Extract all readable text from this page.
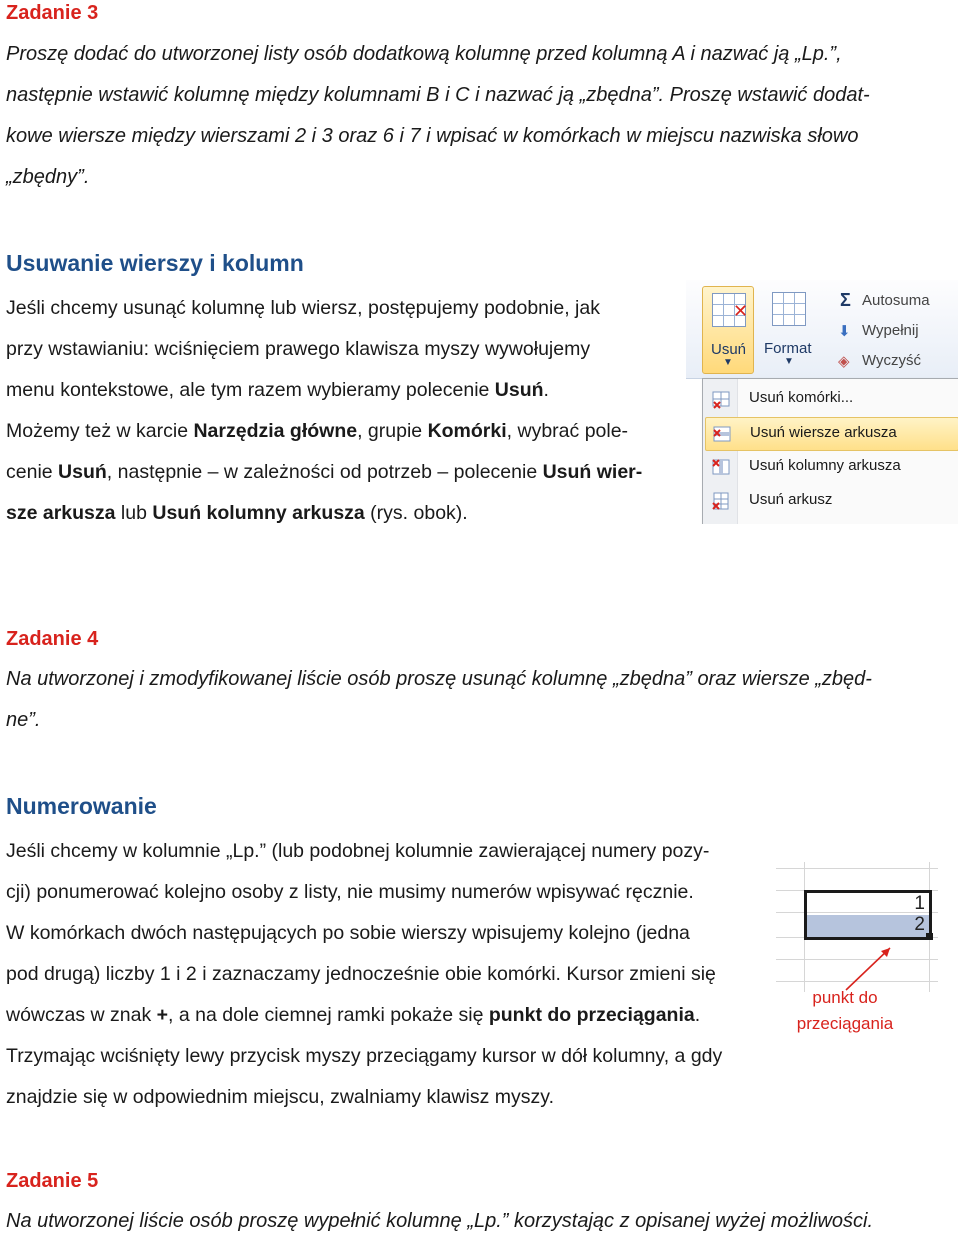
Zadanie 3
Proszę dodać do utworzonej listy osób dodatkową kolumnę przed kolumną A i nazwać ją „Lp.”,
następnie wstawić kolumnę między kolumnami B i C i nazwać ją „zbędna”. Proszę wstawić dodat-
kowe wiersze między wierszami 2 i 3 oraz 6 i 7 i wpisać w komórkach w miejscu nazwiska słowo
„zbędny”.
Usuwanie wierszy i kolumn
Jeśli chcemy usunąć kolumnę lub wiersz, postępujemy podobnie, jak
przy wstawianiu: wciśnięciem prawego klawisza myszy wywołujemy
menu kontekstowe, ale tym razem wybieramy polecenie Usuń.
Możemy też w karcie Narzędzia główne, grupie Komórki, wybrać pole-
cenie Usuń, następnie – w zależności od potrzeb – polecenie Usuń wier-
sze arkusza lub Usuń kolumny arkusza (rys. obok).
✕
Usuń
▼
Format
▼
Σ Autosuma
⬇ Wypełnij
◈ Wyczyść
Usuń komórki...
Usuń wiersze arkusza
Usuń kolumny arkusza
Usuń arkusz
Zadanie 4
Na utworzonej i zmodyfikowanej liście osób proszę usunąć kolumnę „zbędna” oraz wiersze „zbęd-
ne”.
Numerowanie
Jeśli chcemy w kolumnie „Lp.” (lub podobnej kolumnie zawierającej numery pozy-
cji) ponumerować kolejno osoby z listy, nie musimy numerów wpisywać ręcznie.
W komórkach dwóch następujących po sobie wierszy wpisujemy kolejno (jedna
pod drugą) liczby 1 i 2 i zaznaczamy jednocześnie obie komórki. Kursor zmieni się
wówczas w znak +, a na dole ciemnej ramki pokaże się punkt do przeciągania.
Trzymając wciśnięty lewy przycisk myszy przeciągamy kursor w dół kolumny, a gdy
znajdzie się w odpowiednim miejscu, zwalniamy klawisz myszy.
1
2
punkt do
przeciągania
Zadanie 5
Na utworzonej liście osób proszę wypełnić kolumnę „Lp.” korzystając z opisanej wyżej możliwości.
